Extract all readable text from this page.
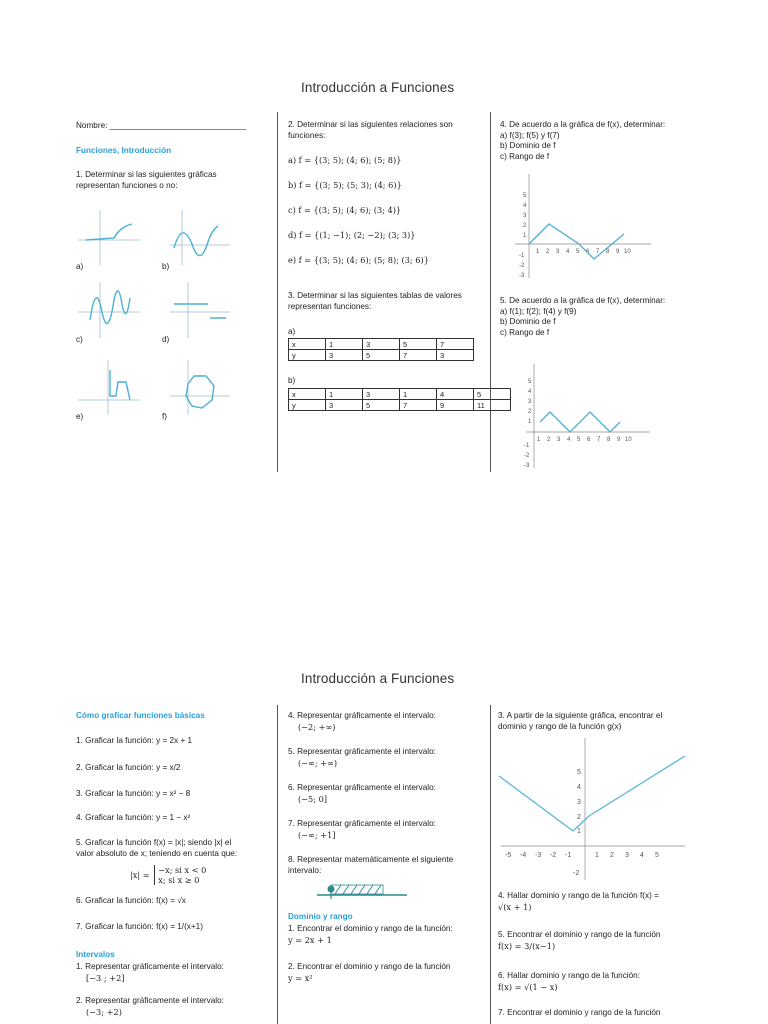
Introducción a Funciones
Nombre: ______________________________
Funciones, Introducción
1. Determinar si las siguientes gráficas
representan funciones o no:
a)	b)
c)	d)
e)	f)
2. Determinar si las siguientes relaciones son
funciones:
a) f = {(3; 5); (4; 6); (5; 8)}
b) f = {(3; 5); (5; 3); (4; 6)}
c) f = {(3; 5); (4; 6); (3; 4)}
d) f = {(1; −1); (2; −2); (3; 3)}
e) f = {(3; 5); (4; 6); (5; 8); (3; 6)}
3. Determinar si las siguientes tablas de valores
representan funciones:
a)
x	1	3	5	7
y	3	5	7	3
b)
x	1	3	1	4	5
y	3	5	7	9	11
4. De acuerdo a la gráfica de f(x), determinar:
a) f(3); f(5) y f(7)
b) Dominio de f
c) Rango de f
1 2 3 4 5 6 7 8 9 10
1
2
3
4
5
-1
-2
-3
5. De acuerdo a la gráfica de f(x), determinar:
a) f(1); f(2); f(4) y f(9)
b) Dominio de f
c) Rango de f
1 2 3 4 5 6 7 8 9 10
1
2
3
4
5
-1
-2
-3
Introducción a Funciones
Cómo graficar funciones básicas
1. Graficar la función: y = 2x + 1
2. Graficar la función: y = x/2
3. Graficar la función: y = x² − 8
4. Graficar la función: y = 1 − x²
5. Graficar la función f(x) = |x|; siendo |x| el
valor absoluto de x; teniendo en cuenta que:
|x| = −x; si x < 0
x; si x ≥ 0
6. Graficar la función: f(x) = √x
7. Graficar la función: f(x) = 1/(x+1)
Intervalos
1. Representar gráficamente el intervalo:
[−3 ; +2]
2. Representar gráficamente el intervalo:
(−3; +2)
4. Representar gráficamente el intervalo:
(−2; +∞)
5. Representar gráficamente el intervalo:
(−∞; +∞)
6. Representar gráficamente el intervalo:
(−5; 0]
7. Representar gráficamente el intervalo:
(−∞; +1]
8. Representar matemáticamente el siguiente
intervalo:
Dominio y rango
1. Encontrar el dominio y rango de la función:
y = 2x + 1
2. Encontrar el dominio y rango de la función
y = x²
3. A partir de la siguiente gráfica, encontrar el
dominio y rango de la función g(x)
-5 -4 -3 -2 -1	1 2 3 4 5
1
2
3
4
5
-2
4. Hallar dominio y rango de la función f(x) =
√(x + 1)
5. Encontrar el dominio y rango de la función
f(x) = 3/(x−1)
6. Hallar dominio y rango de la función:
f(x) = √(1 − x)
7. Encontrar el dominio y rango de la función
